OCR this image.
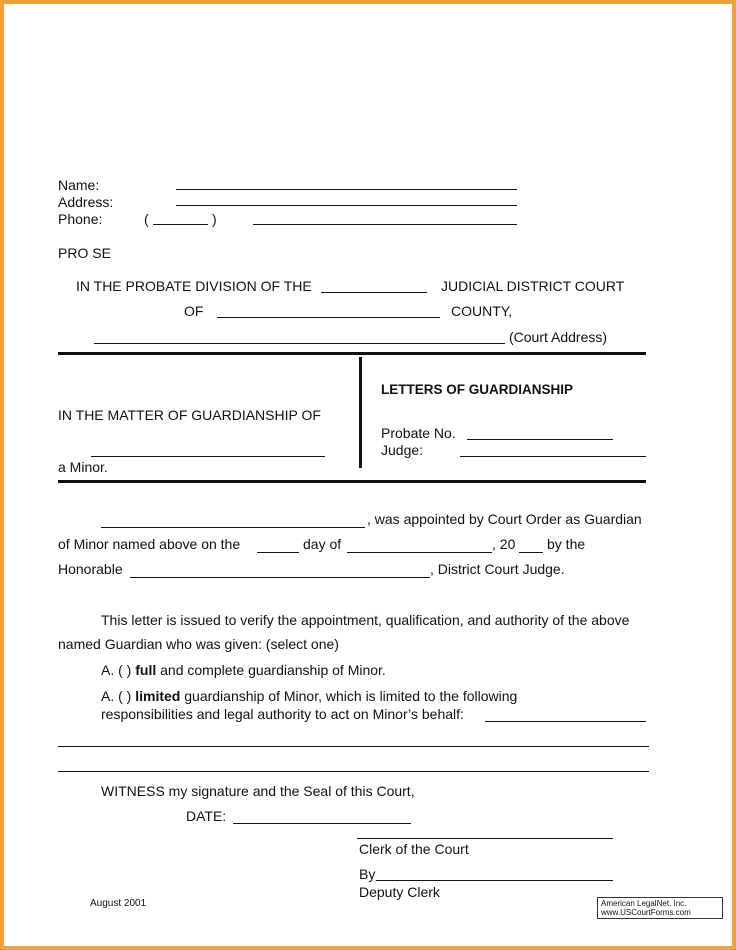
Name:
Address:
Phone:	(	)
PRO SE
IN THE PROBATE DIVISION OF THE	JUDICIAL DISTRICT COURT
OF	COUNTY,
(Court Address)
IN THE MATTER OF GUARDIANSHIP OF
a Minor.
LETTERS OF GUARDIANSHIP
Probate No.
Judge:
, was appointed by Court Order as Guardian
of Minor named above on the	day of	, 20 by the
Honorable	, District Court Judge.
This letter is issued to verify the appointment, qualification, and authority of the above
named Guardian who was given: (select one)
A. ( ) full and complete guardianship of Minor.
A. ( ) limited guardianship of Minor, which is limited to the following
responsibilities and legal authority to act on Minor’s behalf:
WITNESS my signature and the Seal of this Court,
DATE:
Clerk of the Court
By
Deputy Clerk
August 2001	American LegalNet, Inc.
www.USCourtForms.com
